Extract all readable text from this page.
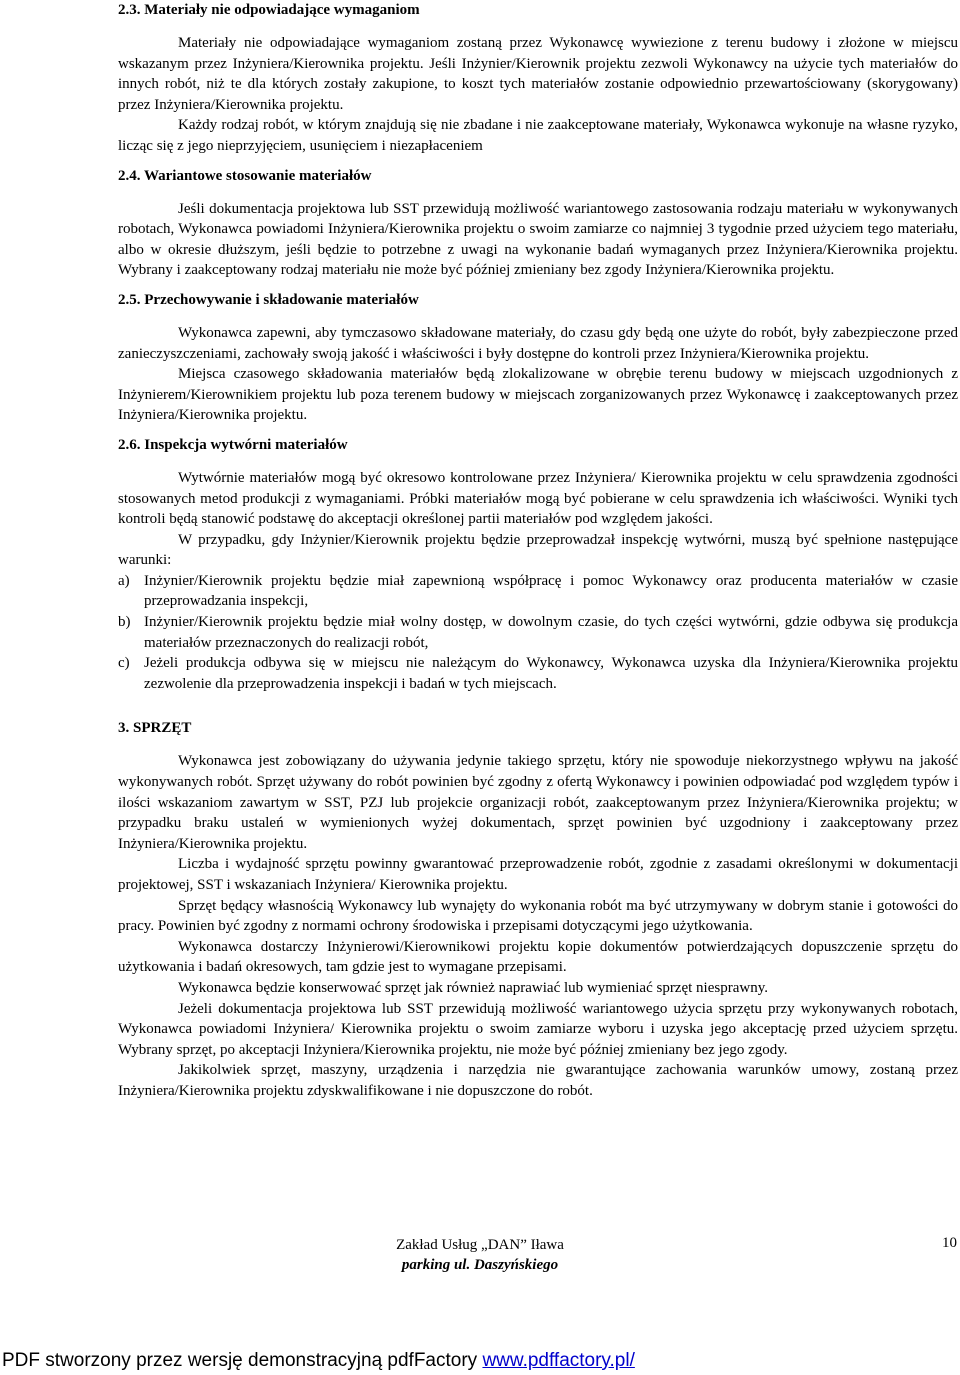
2.3. Materiały nie odpowiadające wymaganiom

Materiały nie odpowiadające wymaganiom zostaną przez Wykonawcę wywiezione z terenu budowy i złożone w miejscu wskazanym przez Inżyniera/Kierownika projektu. Jeśli Inżynier/Kierownik projektu zezwoli Wykonawcy na użycie tych materiałów do innych robót, niż te dla których zostały zakupione, to koszt tych materiałów zostanie odpowiednio przewartościowany (skorygowany) przez Inżyniera/Kierownika projektu.

Każdy rodzaj robót, w którym znajdują się nie zbadane i nie zaakceptowane materiały, Wykonawca wykonuje na własne ryzyko, licząc się z jego nieprzyjęciem, usunięciem i niezapłaceniem

2.4. Wariantowe stosowanie materiałów

Jeśli dokumentacja projektowa lub SST przewidują możliwość wariantowego zastosowania rodzaju materiału w wykonywanych robotach, Wykonawca powiadomi Inżyniera/Kierownika projektu o swoim zamiarze co najmniej 3 tygodnie przed użyciem tego materiału, albo w okresie dłuższym, jeśli będzie to potrzebne z uwagi na wykonanie badań wymaganych przez Inżyniera/Kierownika projektu. Wybrany i zaakceptowany rodzaj materiału nie może być później zmieniany bez zgody Inżyniera/Kierownika projektu.

2.5. Przechowywanie i składowanie materiałów

Wykonawca zapewni, aby tymczasowo składowane materiały, do czasu gdy będą one użyte do robót, były zabezpieczone przed zanieczyszczeniami, zachowały swoją jakość i właściwości i były dostępne do kontroli przez Inżyniera/Kierownika projektu.

Miejsca czasowego składowania materiałów będą zlokalizowane w obrębie terenu budowy w miejscach uzgodnionych z Inżynierem/Kierownikiem projektu lub poza terenem budowy w miejscach zorganizowanych przez Wykonawcę i zaakceptowanych przez Inżyniera/Kierownika projektu.

2.6. Inspekcja wytwórni materiałów

Wytwórnie materiałów mogą być okresowo kontrolowane przez Inżyniera/ Kierownika projektu w celu sprawdzenia zgodności stosowanych metod produkcji z wymaganiami. Próbki materiałów mogą być pobierane w celu sprawdzenia ich właściwości. Wyniki tych kontroli będą stanowić podstawę do akceptacji określonej partii materiałów pod względem jakości.

W przypadku, gdy Inżynier/Kierownik projektu będzie przeprowadzał inspekcję wytwórni, muszą być spełnione następujące warunki:

a) Inżynier/Kierownik projektu będzie miał zapewnioną współpracę i pomoc Wykonawcy oraz producenta materiałów w czasie przeprowadzania inspekcji,
b) Inżynier/Kierownik projektu będzie miał wolny dostęp, w dowolnym czasie, do tych części wytwórni, gdzie odbywa się produkcja materiałów przeznaczonych do realizacji robót,
c) Jeżeli produkcja odbywa się w miejscu nie należącym do Wykonawcy, Wykonawca uzyska dla Inżyniera/Kierownika projektu zezwolenie dla przeprowadzenia inspekcji i badań w tych miejscach.
3. SPRZĘT

Wykonawca jest zobowiązany do używania jedynie takiego sprzętu, który nie spowoduje niekorzystnego wpływu na jakość wykonywanych robót. Sprzęt używany do robót powinien być zgodny z ofertą Wykonawcy i powinien odpowiadać pod względem typów i ilości wskazaniom zawartym w SST, PZJ lub projekcie organizacji robót, zaakceptowanym przez Inżyniera/Kierownika projektu; w przypadku braku ustaleń w wymienionych wyżej dokumentach, sprzęt powinien być uzgodniony i zaakceptowany przez Inżyniera/Kierownika projektu.

Liczba i wydajność sprzętu powinny gwarantować przeprowadzenie robót, zgodnie z zasadami określonymi w dokumentacji projektowej, SST i wskazaniach Inżyniera/ Kierownika projektu.

Sprzęt będący własnością Wykonawcy lub wynajęty do wykonania robót ma być utrzymywany w dobrym stanie i gotowości do pracy. Powinien być zgodny z normami ochrony środowiska i przepisami dotyczącymi jego użytkowania.

Wykonawca dostarczy Inżynierowi/Kierownikowi projektu kopie dokumentów potwierdzających dopuszczenie sprzętu do użytkowania i badań okresowych, tam gdzie jest to wymagane przepisami.

Wykonawca będzie konserwować sprzęt jak również naprawiać lub wymieniać sprzęt niesprawny.

Jeżeli dokumentacja projektowa lub SST przewidują możliwość wariantowego użycia sprzętu przy wykonywanych robotach, Wykonawca powiadomi Inżyniera/ Kierownika projektu o swoim zamiarze wyboru i uzyska jego akceptację przed użyciem sprzętu. Wybrany sprzęt, po akceptacji Inżyniera/Kierownika projektu, nie może być później zmieniany bez jego zgody.

Jakikolwiek sprzęt, maszyny, urządzenia i narzędzia nie gwarantujące zachowania warunków umowy, zostaną przez Inżyniera/Kierownika projektu zdyskwalifikowane i nie dopuszczone do robót.

Zakład Usług „DAN” Iława
parking ul. Daszyńskiego
10
PDF stworzony przez wersję demonstracyjną pdfFactory www.pdffactory.pl/
